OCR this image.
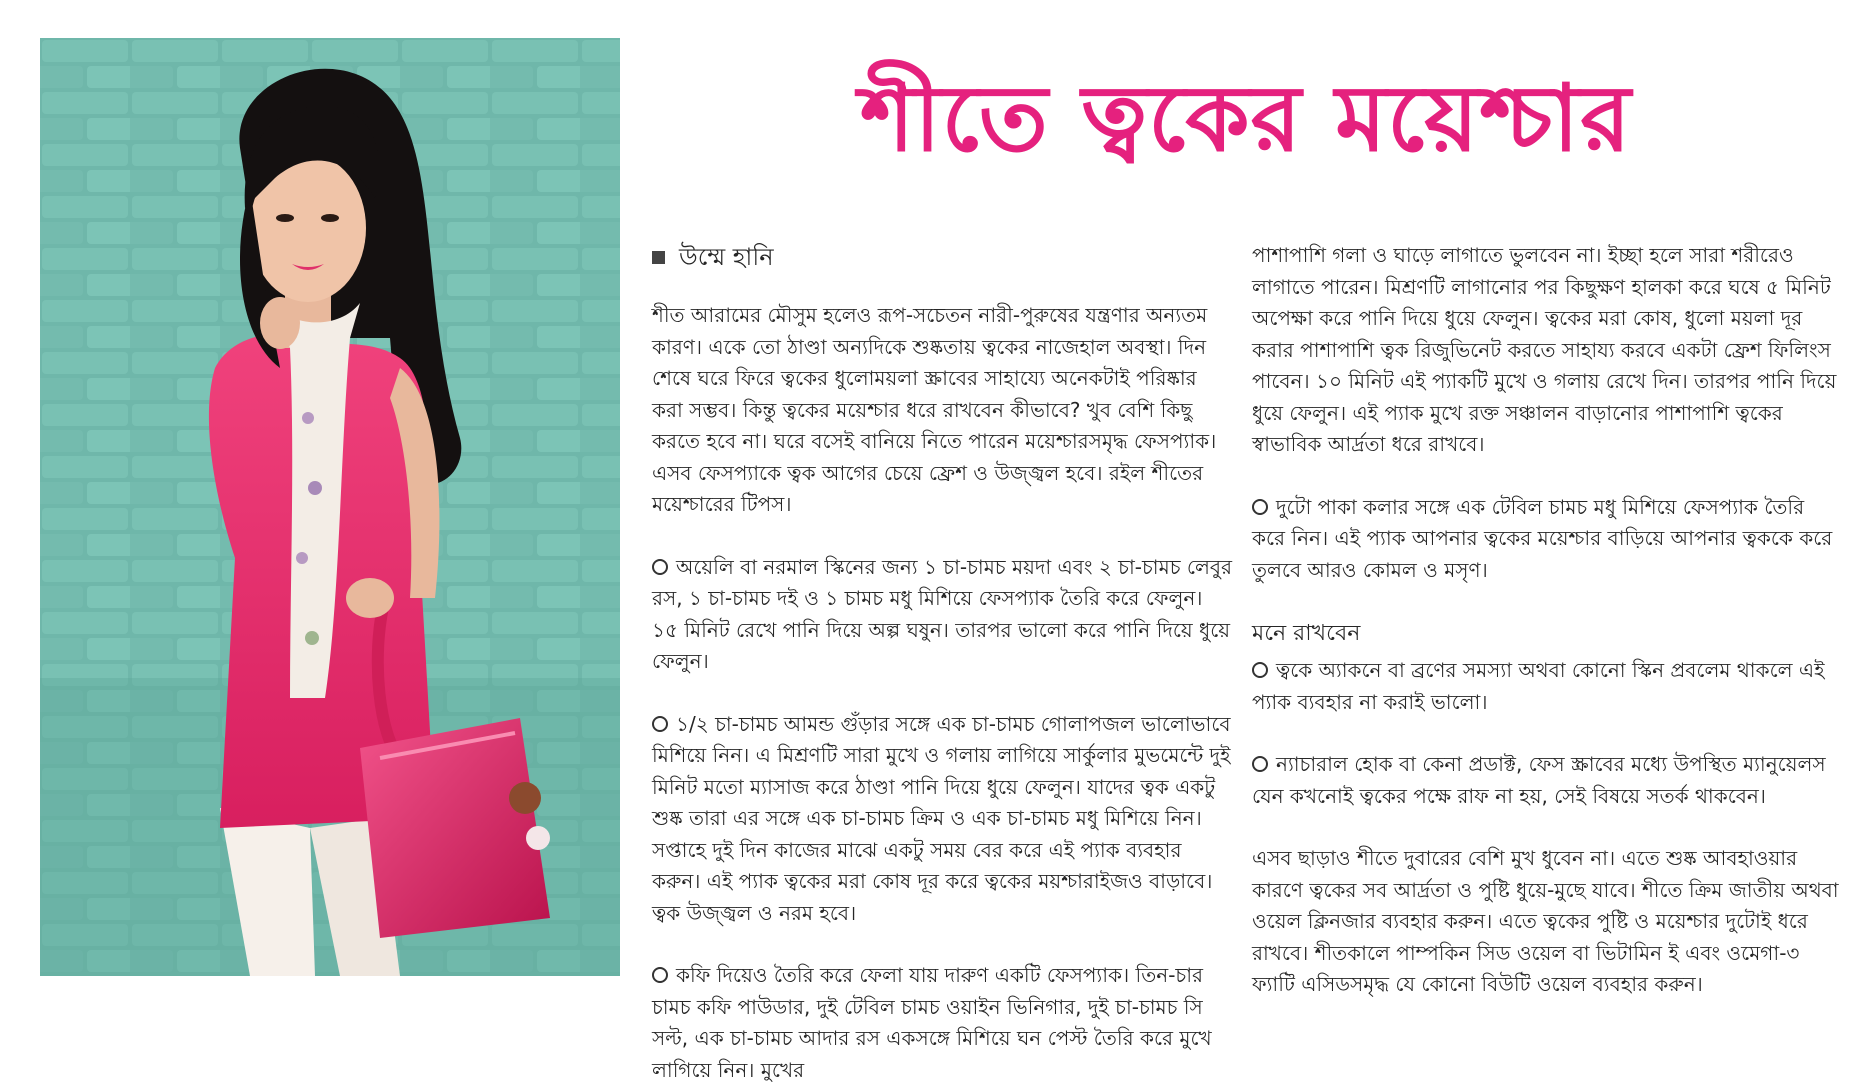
শীতে ত্বকের ময়েশ্চার
উম্মে হানি

শীত আরামের মৌসুম হলেও রূপ-সচেতন নারী-পুরুষের যন্ত্রণার অন্যতম কারণ। একে তো ঠাণ্ডা অন্যদিকে শুষ্কতায় ত্বকের নাজেহাল অবস্থা। দিন শেষে ঘরে ফিরে ত্বকের ধুলোময়লা স্ক্রাবের সাহায্যে অনেকটাই পরিষ্কার করা সম্ভব। কিন্তু ত্বকের ময়েশ্চার ধরে রাখবেন কীভাবে? খুব বেশি কিছু করতে হবে না। ঘরে বসেই বানিয়ে নিতে পারেন ময়েশ্চারসমৃদ্ধ ফেসপ্যাক। এসব ফেসপ্যাকে ত্বক আগের চেয়ে ফ্রেশ ও উজ্জ্বল হবে। রইল শীতের ময়েশ্চারের টিপস।

অয়েলি বা নরমাল স্কিনের জন্য ১ চা-চামচ ময়দা এবং ২ চা-চামচ লেবুর রস, ১ চা-চামচ দই ও ১ চামচ মধু মিশিয়ে ফেসপ্যাক তৈরি করে ফেলুন। ১৫ মিনিট রেখে পানি দিয়ে অল্প ঘষুন। তারপর ভালো করে পানি দিয়ে ধুয়ে ফেলুন।

১/২ চা-চামচ আমন্ড গুঁড়ার সঙ্গে এক চা-চামচ গোলাপজল ভালোভাবে মিশিয়ে নিন। এ মিশ্রণটি সারা মুখে ও গলায় লাগিয়ে সার্কুলার মুভমেন্টে দুই মিনিট মতো ম্যাসাজ করে ঠাণ্ডা পানি দিয়ে ধুয়ে ফেলুন। যাদের ত্বক একটু শুষ্ক তারা এর সঙ্গে এক চা-চামচ ক্রিম ও এক চা-চামচ মধু মিশিয়ে নিন। সপ্তাহে দুই দিন কাজের মাঝে একটু সময় বের করে এই প্যাক ব্যবহার করুন। এই প্যাক ত্বকের মরা কোষ দূর করে ত্বকের ময়শ্চারাইজও বাড়াবে। ত্বক উজ্জ্বল ও নরম হবে।

কফি দিয়েও তৈরি করে ফেলা যায় দারুণ একটি ফেসপ্যাক। তিন-চার চামচ কফি পাউডার, দুই টেবিল চামচ ওয়াইন ভিনিগার, দুই চা-চামচ সি সল্ট, এক চা-চামচ আদার রস একসঙ্গে মিশিয়ে ঘন পেস্ট তৈরি করে মুখে লাগিয়ে নিন। মুখের

পাশাপাশি গলা ও ঘাড়ে লাগাতে ভুলবেন না। ইচ্ছা হলে সারা শরীরেও লাগাতে পারেন। মিশ্রণটি লাগানোর পর কিছুক্ষণ হালকা করে ঘষে ৫ মিনিট অপেক্ষা করে পানি দিয়ে ধুয়ে ফেলুন। ত্বকের মরা কোষ, ধুলো ময়লা দূর করার পাশাপাশি ত্বক রিজুভিনেট করতে সাহায্য করবে একটা ফ্রেশ ফিলিংস পাবেন। ১০ মিনিট এই প্যাকটি মুখে ও গলায় রেখে দিন। তারপর পানি দিয়ে ধুয়ে ফেলুন। এই প্যাক মুখে রক্ত সঞ্চালন বাড়ানোর পাশাপাশি ত্বকের স্বাভাবিক আর্দ্রতা ধরে রাখবে।

দুটো পাকা কলার সঙ্গে এক টেবিল চামচ মধু মিশিয়ে ফেসপ্যাক তৈরি করে নিন। এই প্যাক আপনার ত্বকের ময়েশ্চার বাড়িয়ে আপনার ত্বককে করে তুলবে আরও কোমল ও মসৃণ।

মনে রাখবেন

ত্বকে অ্যাকনে বা ব্রণের সমস্যা অথবা কোনো স্কিন প্রবলেম থাকলে এই প্যাক ব্যবহার না করাই ভালো।

ন্যাচারাল হোক বা কেনা প্রডাক্ট, ফেস স্ক্রাবের মধ্যে উপস্থিত ম্যানুয়েলস যেন কখনোই ত্বকের পক্ষে রাফ না হয়, সেই বিষয়ে সতর্ক থাকবেন।

এসব ছাড়াও শীতে দুবারের বেশি মুখ ধুবেন না। এতে শুষ্ক আবহাওয়ার কারণে ত্বকের সব আর্দ্রতা ও পুষ্টি ধুয়ে-মুছে যাবে। শীতে ক্রিম জাতীয় অথবা ওয়েল ক্লিনজার ব্যবহার করুন। এতে ত্বকের পুষ্টি ও ময়েশ্চার দুটোই ধরে রাখবে। শীতকালে পাম্পকিন সিড ওয়েল বা ভিটামিন ই এবং ওমেগা-৩ ফ্যাটি এসিডসমৃদ্ধ যে কোনো বিউটি ওয়েল ব্যবহার করুন।
